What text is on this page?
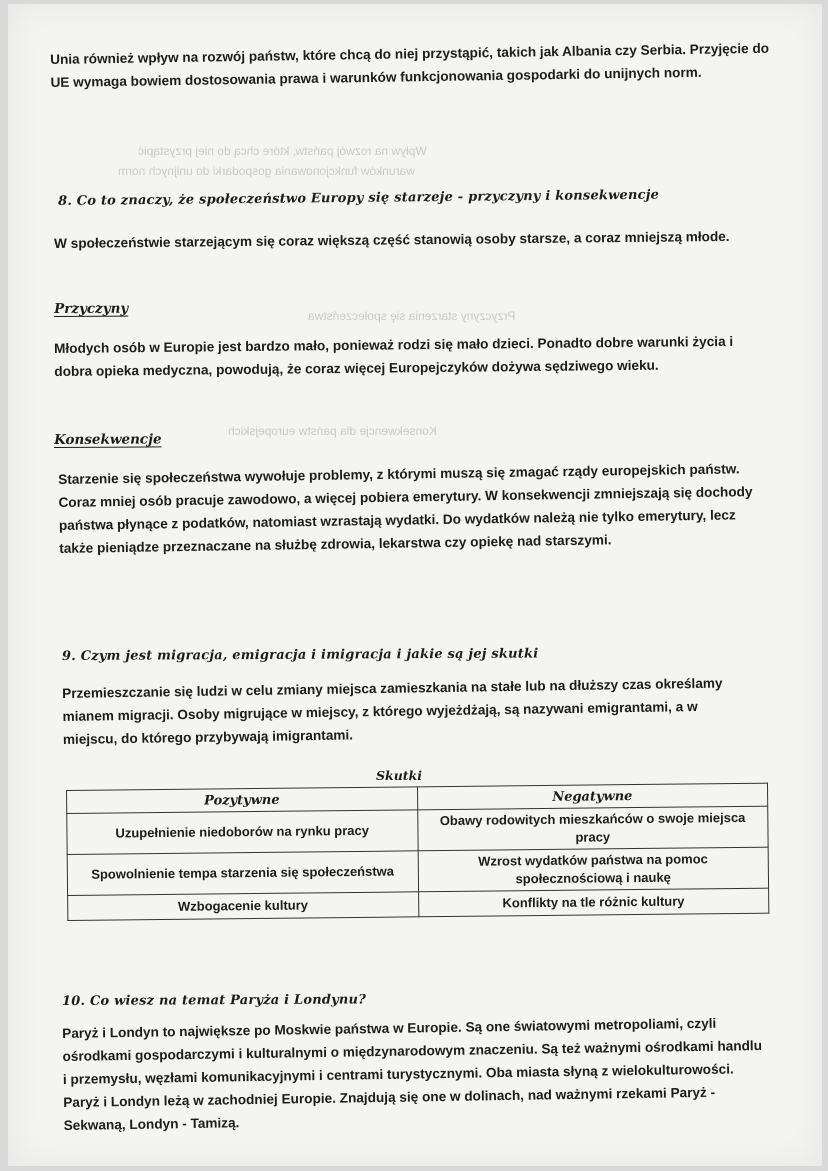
Wpływ na rozwój państw, które chcą do niej przystąpić

warunków funkcjonowania gospodarki do unijnych norm

Przyczyny starzenia się społeczeństwa

Konsekwencje dla państw europejskich

Unia również wpływ na rozwój państw, które chcą do niej przystąpić, takich jak Albania czy Serbia. Przyjęcie do UE wymaga bowiem dostosowania prawa i warunków funkcjonowania gospodarki do unijnych norm.

8. Co to znaczy, że społeczeństwo Europy się starzeje - przyczyny i konsekwencje

W społeczeństwie starzejącym się coraz większą część stanowią osoby starsze, a coraz mniejszą młode.

Przyczyny

Młodych osób w Europie jest bardzo mało, ponieważ rodzi się mało dzieci. Ponadto dobre warunki życia i dobra opieka medyczna, powodują, że coraz więcej Europejczyków dożywa sędziwego wieku.

Konsekwencje

Starzenie się społeczeństwa wywołuje problemy, z którymi muszą się zmagać rządy europejskich państw. Coraz mniej osób pracuje zawodowo, a więcej pobiera emerytury. W konsekwencji zmniejszają się dochody państwa płynące z podatków, natomiast wzrastają wydatki. Do wydatków należą nie tylko emerytury, lecz także pieniądze przeznaczane na służbę zdrowia, lekarstwa czy opiekę nad starszymi.

9. Czym jest migracja, emigracja i imigracja i jakie są jej skutki

Przemieszczanie się ludzi w celu zmiany miejsca zamieszkania na stałe lub na dłuższy czas określamy mianem migracji. Osoby migrujące w miejscy, z którego wyjeżdżają, są nazywani emigrantami, a w miejscu, do którego przybywają imigrantami.

Skutki
Pozytywne	Negatywne
Uzupełnienie niedoborów na rynku pracy	Obawy rodowitych mieszkańców o swoje miejsca pracy
Spowolnienie tempa starzenia się społeczeństwa	Wzrost wydatków państwa na pomoc społecznościową i naukę
Wzbogacenie kultury	Konflikty na tle różnic kultury

10. Co wiesz na temat Paryża i Londynu?

Paryż i Londyn to największe po Moskwie państwa w Europie. Są one światowymi metropoliami, czyli ośrodkami gospodarczymi i kulturalnymi o międzynarodowym znaczeniu. Są też ważnymi ośrodkami handlu i przemysłu, węzłami komunikacyjnymi i centrami turystycznymi. Oba miasta słyną z wielokulturowości. Paryż i Londyn leżą w zachodniej Europie. Znajdują się one w dolinach, nad ważnymi rzekami Paryż - Sekwaną, Londyn - Tamizą.
